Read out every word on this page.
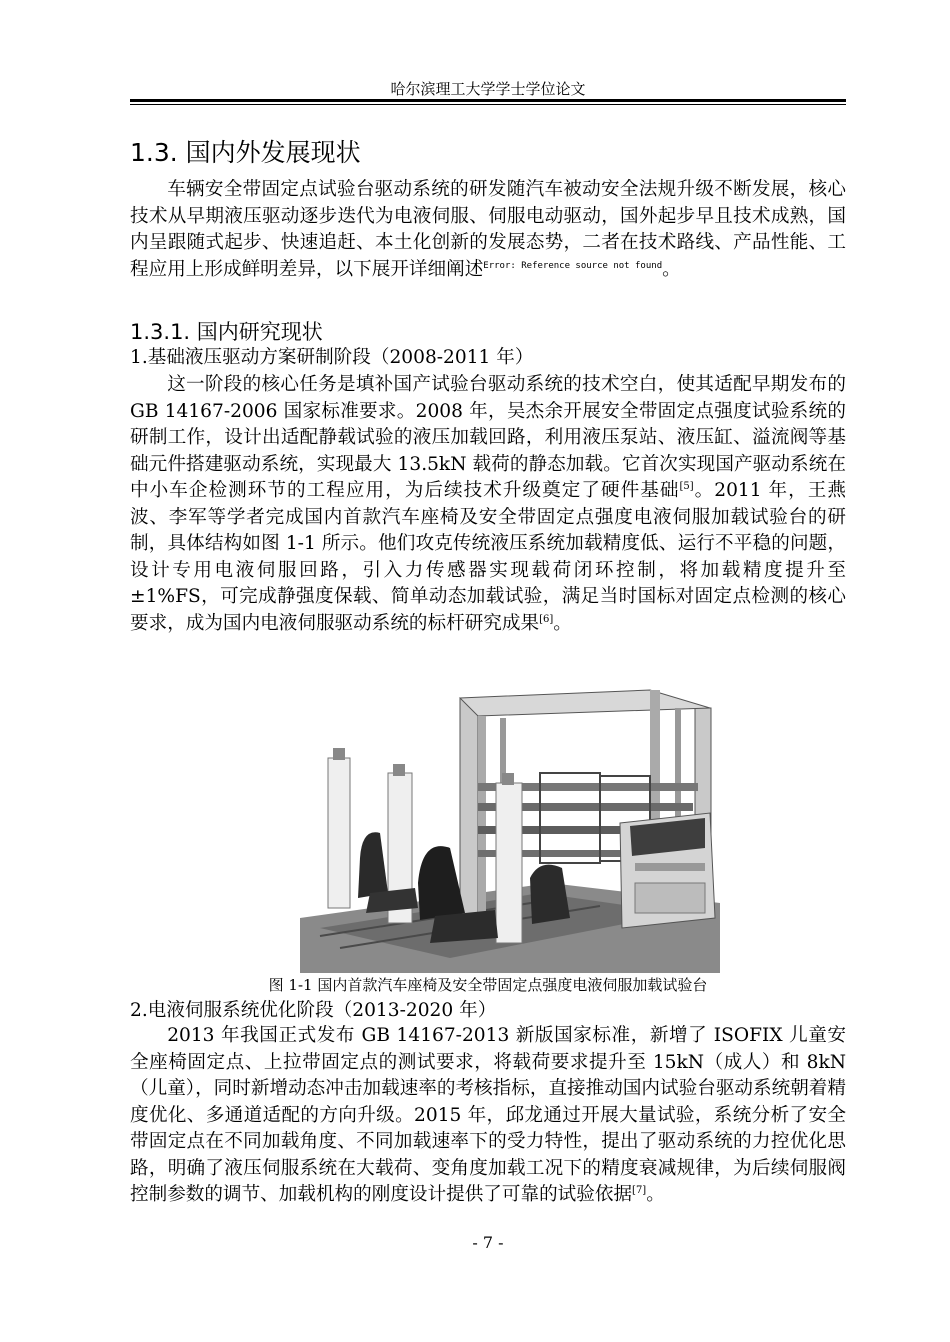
哈尔滨理工大学学士学位论文
1.3. 国内外发展现状
车辆安全带固定点试验台驱动系统的研发随汽车被动安全法规升级不断发展，核心技术从早期液压驱动逐步迭代为电液伺服、伺服电动驱动，国外起步早且技术成熟，国内呈跟随式起步、快速追赶、本土化创新的发展态势，二者在技术路线、产品性能、工程应用上形成鲜明差异，以下展开详细阐述$^{Error: Reference source not found}$。
1.3.1. 国内研究现状
1.基础液压驱动方案研制阶段（2008-2011 年）
这一阶段的核心任务是填补国产试验台驱动系统的技术空白，使其适配早期发布的 GB 14167-2006 国家标准要求。2008 年，吴杰余开展安全带固定点强度试验系统的研制工作，设计出适配静载试验的液压加载回路，利用液压泵站、液压缸、溢流阀等基础元件搭建驱动系统，实现最大 13.5kN 载荷的静态加载。它首次实现国产驱动系统在中小车企检测环节的工程应用，为后续技术升级奠定了硬件基础[5]。2011 年，王燕波、李军等学者完成国内首款汽车座椅及安全带固定点强度电液伺服加载试验台的研制，具体结构如图 1-1 所示。他们攻克传统液压系统加载精度低、运行不平稳的问题，设计专用电液伺服回路，引入力传感器实现载荷闭环控制，将加载精度提升至±1%FS，可完成静强度保载、简单动态加载试验，满足当时国标对固定点检测的核心要求，成为国内电液伺服驱动系统的标杆研究成果[6]。
图 1-1 国内首款汽车座椅及安全带固定点强度电液伺服加载试验台
2.电液伺服系统优化阶段（2013-2020 年）
2013 年我国正式发布 GB 14167-2013 新版国家标准，新增了 ISOFIX 儿童安全座椅固定点、上拉带固定点的测试要求，将载荷要求提升至 15kN（成人）和 8kN（儿童），同时新增动态冲击加载速率的考核指标，直接推动国内试验台驱动系统朝着精度优化、多通道适配的方向升级。2015 年，邱龙通过开展大量试验，系统分析了安全带固定点在不同加载角度、不同加载速率下的受力特性，提出了驱动系统的力控优化思路，明确了液压伺服系统在大载荷、变角度加载工况下的精度衰减规律，为后续伺服阀控制参数的调节、加载机构的刚度设计提供了可靠的试验依据[7]。
- 7 -
